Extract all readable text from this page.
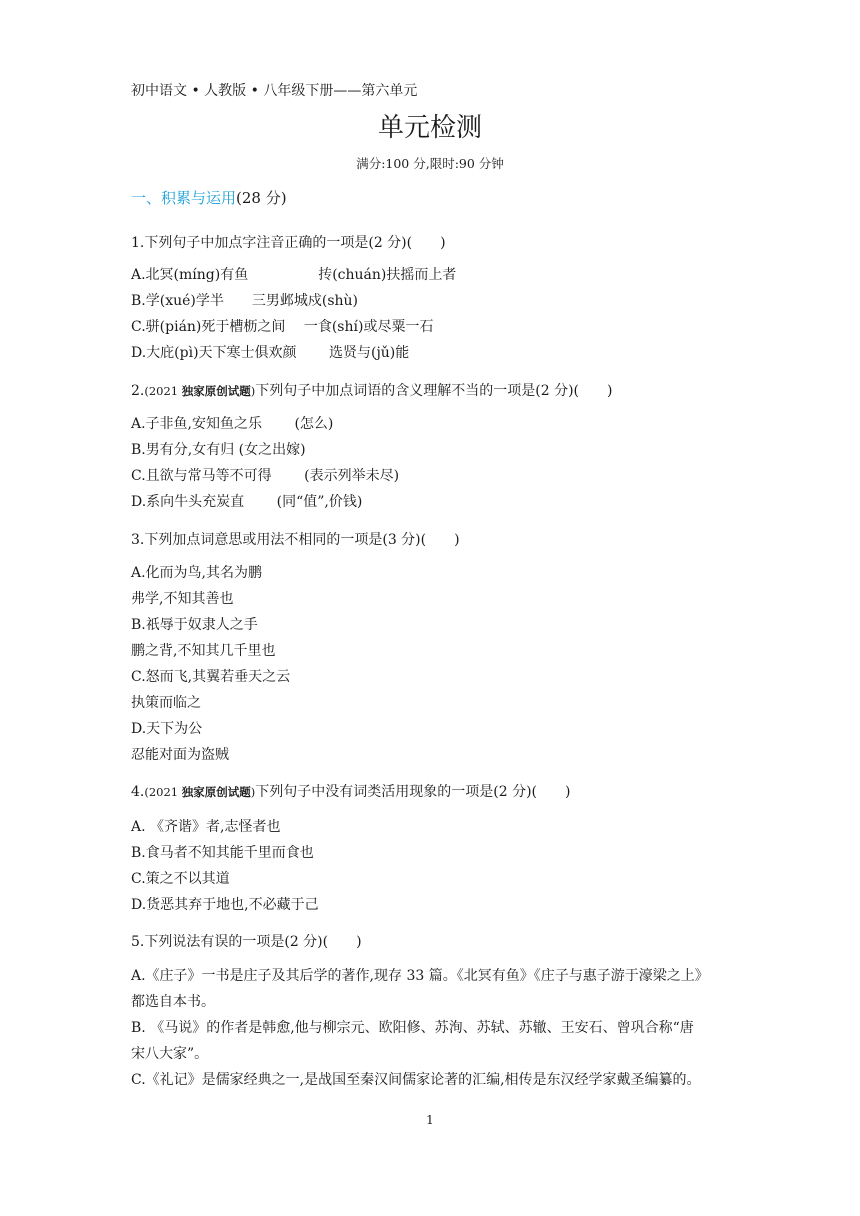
初中语文 • 人教版 • 八年级下册——第六单元
单元检测
满分:100 分,限时:90 分钟
一、积累与运用(28 分)
1.下列句子中加点字注音正确的一项是(2 分)(　　)
A.北冥(míng)有鱼　　　　　抟(chuán)扶摇而上者
B.学(xué)学半　　三男邺城戍(shù)
C.骈(pián)死于槽枥之间　 一食(shí)或尽粟一石
D.大庇(pì)天下寒士俱欢颜　　 选贤与(jǔ)能
2.(2021 独家原创试题)下列句子中加点词语的含义理解不当的一项是(2 分)(　　)
A.子非鱼,安知鱼之乐　　 (怎么)
B.男有分,女有归 (女之出嫁)
C.且欲与常马等不可得　　 (表示列举未尽)
D.系向牛头充炭直　　 (同“值”,价钱)
3.下列加点词意思或用法不相同的一项是(3 分)(　　)
A.化而为鸟,其名为鹏
弗学,不知其善也
B.祇辱于奴隶人之手
鹏之背,不知其几千里也
C.怒而飞,其翼若垂天之云
执策而临之
D.天下为公
忍能对面为盗贼
4.(2021 独家原创试题)下列句子中没有词类活用现象的一项是(2 分)(　　)
A. 《齐谐》者,志怪者也
B.食马者不知其能千里而食也
C.策之不以其道
D.货恶其弃于地也,不必藏于己
5.下列说法有误的一项是(2 分)(　　)
A.《庄子》一书是庄子及其后学的著作,现存 33 篇。《北冥有鱼》《庄子与惠子游于濠梁之上》
都选自本书。
B. 《马说》的作者是韩愈,他与柳宗元、欧阳修、苏洵、苏轼、苏辙、王安石、曾巩合称“唐
宋八大家”。
C.《礼记》是儒家经典之一,是战国至秦汉间儒家论著的汇编,相传是东汉经学家戴圣编纂的。
1
